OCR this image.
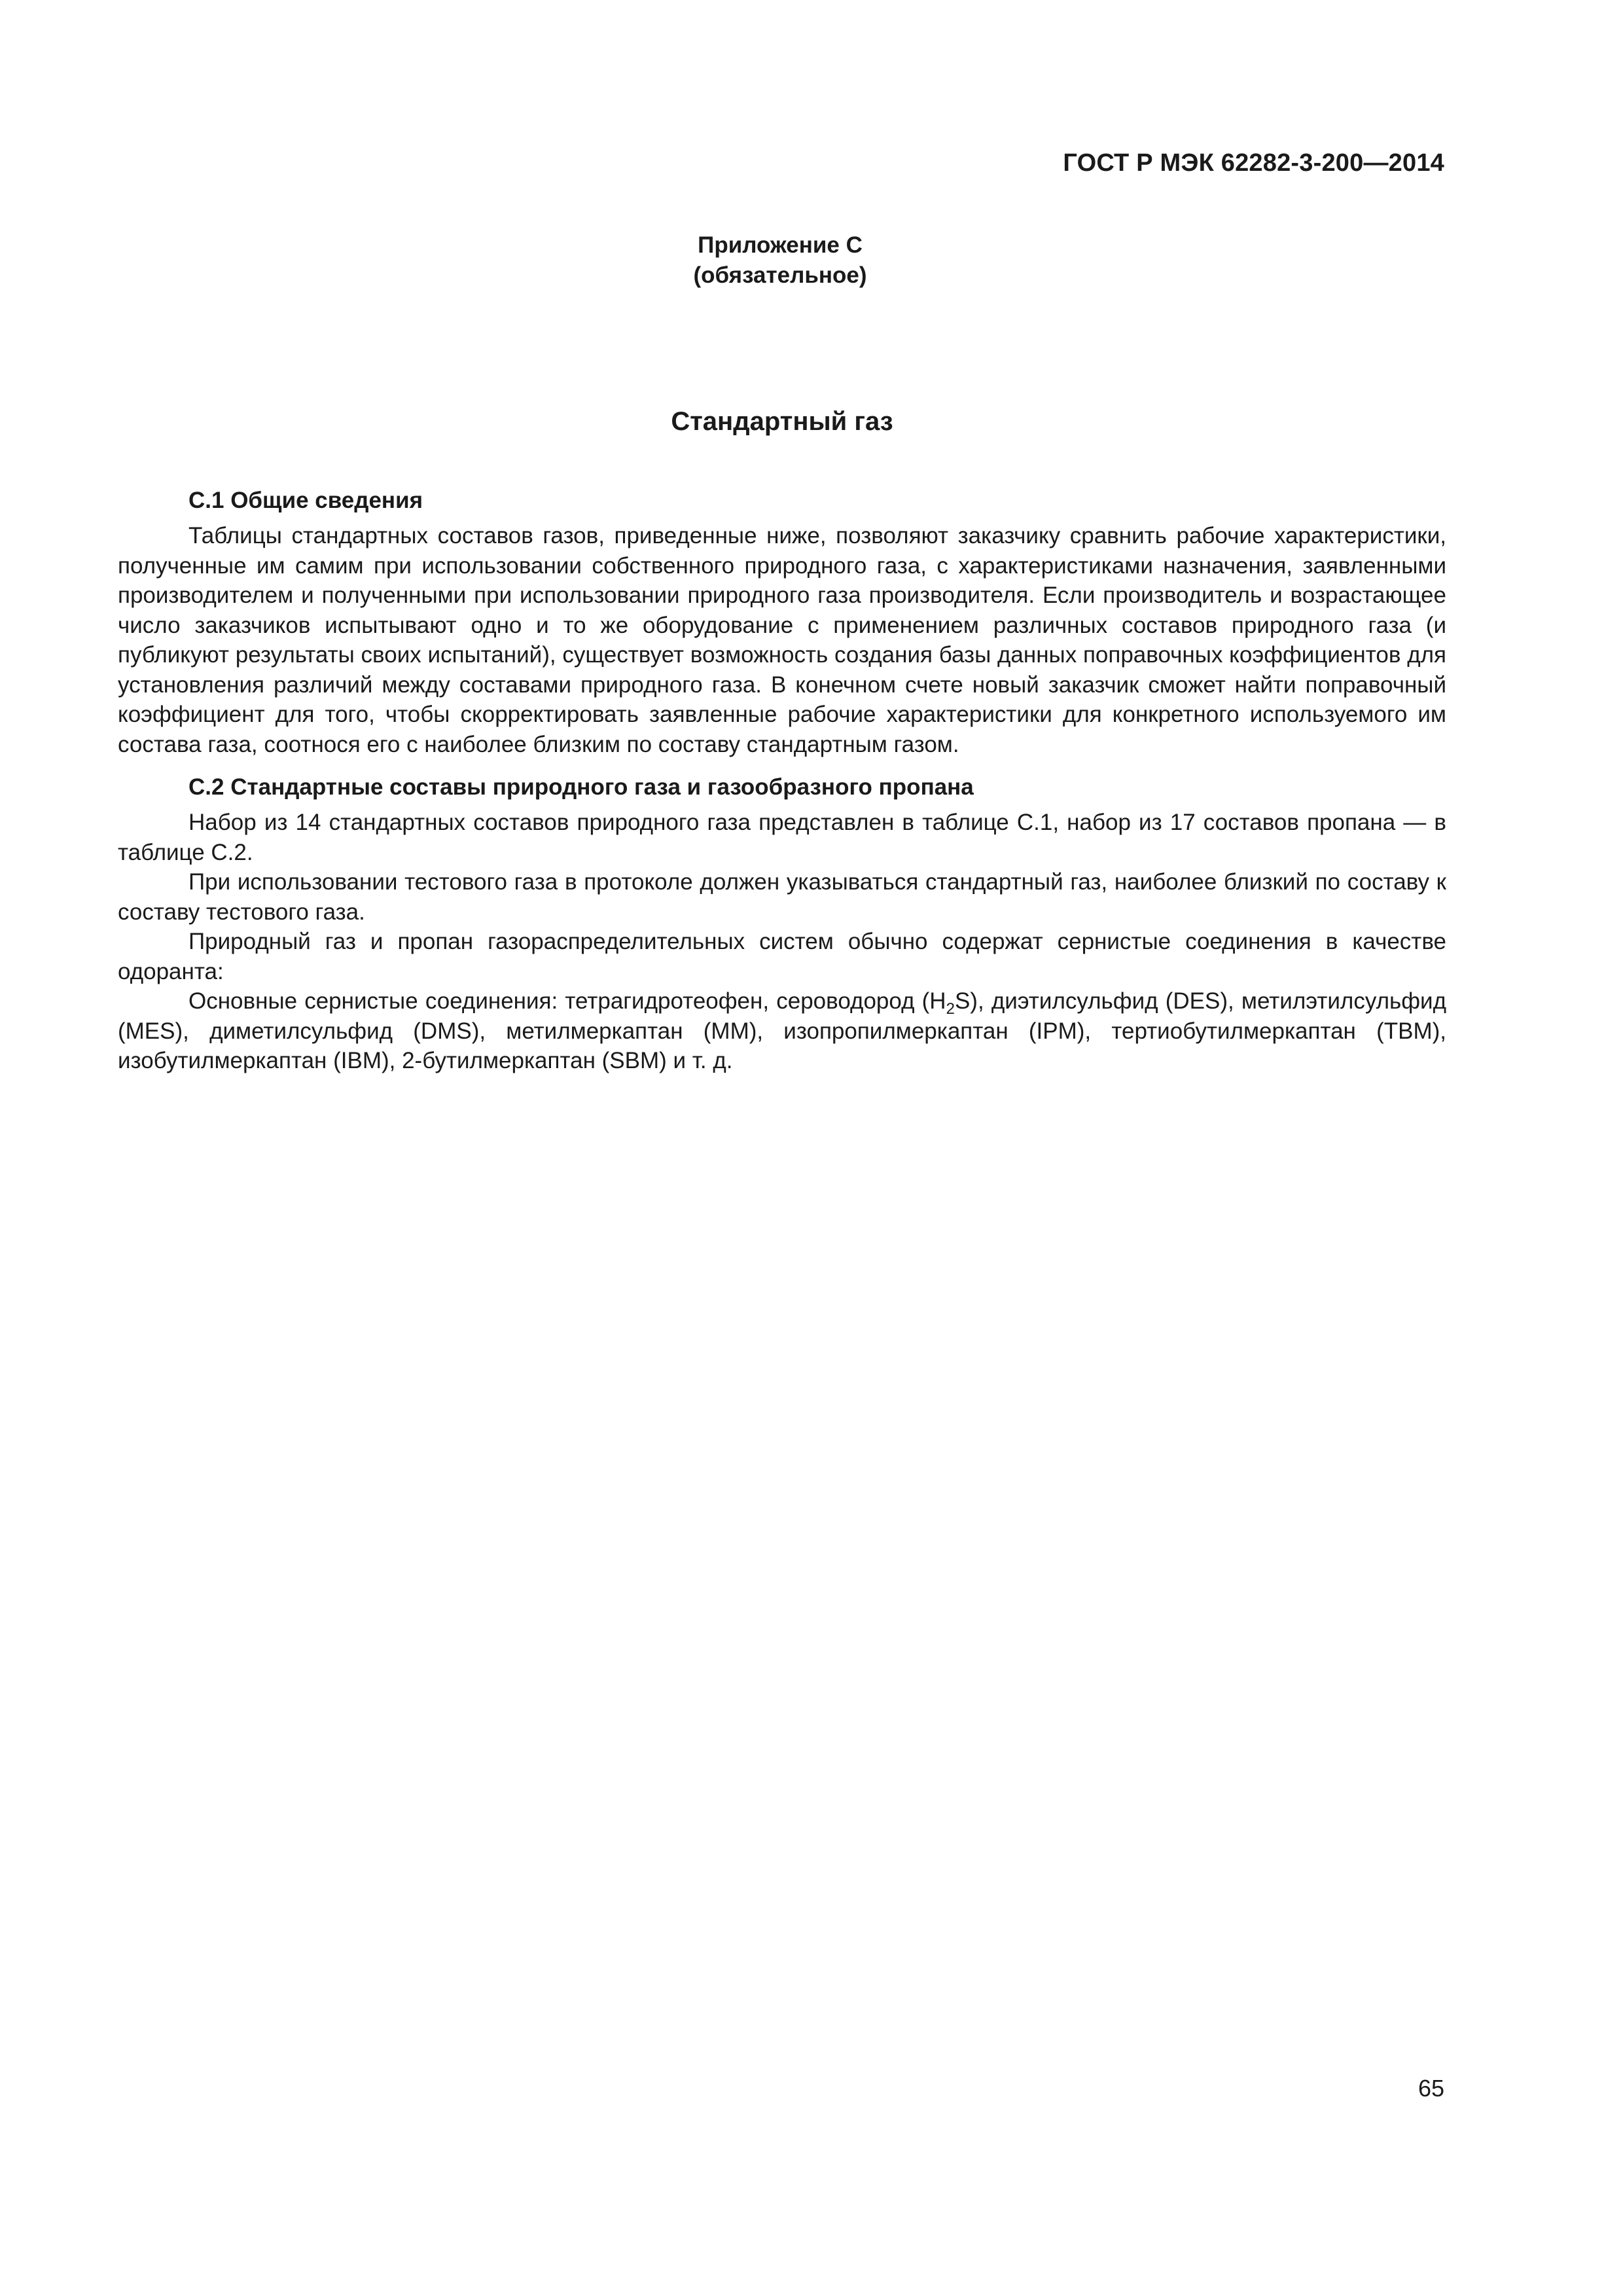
ГОСТ Р МЭК 62282-3-200—2014
Приложение С
(обязательное)
Стандартный газ
С.1 Общие сведения

Таблицы стандартных составов газов, приведенные ниже, позволяют заказчику сравнить рабочие характеристики, полученные им самим при использовании собственного природного газа, с характеристиками назначения, заявленными производителем и полученными при использовании природного газа производителя. Если производитель и возрастающее число заказчиков испытывают одно и то же оборудование с применением различных составов природного газа (и публикуют результаты своих испытаний), существует возможность создания базы данных поправочных коэффициентов для установления различий между составами природного газа. В конечном счете новый заказчик сможет найти поправочный коэффициент для того, чтобы скорректировать заявленные рабочие характеристики для конкретного используемого им состава газа, соотнося его с наиболее близким по составу стандартным газом.

С.2 Стандартные составы природного газа и газообразного пропана

Набор из 14 стандартных составов природного газа представлен в таблице С.1, набор из 17 составов пропана — в таблице С.2.

При использовании тестового газа в протоколе должен указываться стандартный газ, наиболее близкий по составу к составу тестового газа.

Природный газ и пропан газораспределительных систем обычно содержат сернистые соединения в качестве одоранта:

Основные сернистые соединения: тетрагидротеофен, сероводород $(H_2S)$, диэтилсульфид (DES), метилэтилсульфид (MES), диметилсульфид (DMS), метилмеркаптан (MM), изопропилмеркаптан (IPM), тертиобутилмеркаптан (TBM), изобутилмеркаптан (IBM), 2-бутилмеркаптан (SBM) и т. д.

65
